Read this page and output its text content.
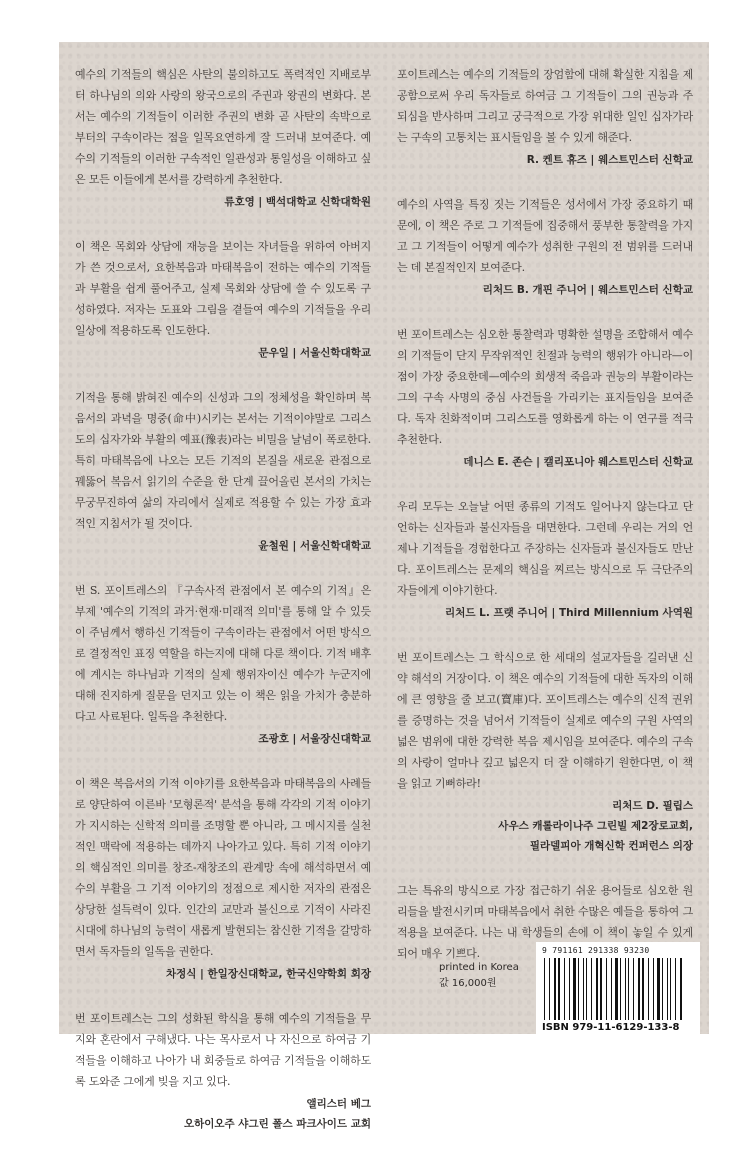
예수의 기적들의 핵심은 사탄의 불의하고도 폭력적인 지배로부터 하나님의 의와 사랑의 왕국으로의 주권과 왕권의 변화다. 본서는 예수의 기적들이 이러한 주권의 변화 곧 사탄의 속박으로부터의 구속이라는 점을 일목요연하게 잘 드러내 보여준다. 예수의 기적들의 이러한 구속적인 일관성과 통일성을 이해하고 싶은 모든 이들에게 본서를 강력하게 추천한다.

류호영 | 백석대학교 신학대학원

이 책은 목회와 상담에 재능을 보이는 자녀들을 위하여 아버지가 쓴 것으로서, 요한복음과 마태복음이 전하는 예수의 기적들과 부활을 쉽게 풀어주고, 실제 목회와 상담에 쓸 수 있도록 구성하였다. 저자는 도표와 그림을 곁들여 예수의 기적들을 우리 일상에 적용하도록 인도한다.

문우일 | 서울신학대학교

기적을 통해 밝혀진 예수의 신성과 그의 정체성을 확인하며 복음서의 과녁을 명중(命中)시키는 본서는 기적이야말로 그리스도의 십자가와 부활의 예표(豫表)라는 비밀을 날넘이 폭로한다. 특히 마태복음에 나오는 모든 기적의 본질을 새로운 관점으로 꿰뚫어 복음서 읽기의 수준을 한 단계 끌어올린 본서의 가치는 무궁무진하여 삶의 자리에서 실제로 적용할 수 있는 가장 효과적인 지침서가 될 것이다.

윤철원 | 서울신학대학교

번 S. 포이트레스의 『구속사적 관점에서 본 예수의 기적』은 부제 '예수의 기적의 과거·현재·미래적 의미'를 통해 알 수 있듯이 주님께서 행하신 기적들이 구속이라는 관점에서 어떤 방식으로 결정적인 표징 역할을 하는지에 대해 다룬 책이다. 기적 배후에 계시는 하나님과 기적의 실제 행위자이신 예수가 누군지에 대해 진지하게 질문을 던지고 있는 이 책은 읽을 가치가 충분하다고 사료된다. 일독을 추천한다.

조광호 | 서울장신대학교

이 책은 복음서의 기적 이야기를 요한복음과 마태복음의 사례들로 양단하여 이른바 '모형론적' 분석을 통해 각각의 기적 이야기가 지시하는 신학적 의미를 조명할 뿐 아니라, 그 메시지를 실천적인 맥락에 적용하는 데까지 나아가고 있다. 특히 기적 이야기의 핵심적인 의미를 창조-재창조의 관계망 속에 해석하면서 예수의 부활을 그 기적 이야기의 정점으로 제시한 저자의 관점은 상당한 설득력이 있다. 인간의 교만과 불신으로 기적이 사라진 시대에 하나님의 능력이 새롭게 발현되는 참신한 기적을 갈망하면서 독자들의 일독을 권한다.

차정식 | 한일장신대학교, 한국신약학회 회장

번 포이트레스는 그의 성화된 학식을 통해 예수의 기적들을 무지와 혼란에서 구해냈다. 나는 목사로서 나 자신으로 하여금 기적들을 이해하고 나아가 내 회중들로 하여금 기적들을 이해하도록 도와준 그에게 빚을 지고 있다.

앨리스터 베그
오하이오주 샤그린 폴스 파크사이드 교회

포이트레스는 예수의 기적들의 장엄함에 대해 확실한 지침을 제공함으로써 우리 독자들로 하여금 그 기적들이 그의 권능과 주되심을 반사하며 그리고 궁극적으로 가장 위대한 일인 십자가라는 구속의 고통치는 표시들임을 볼 수 있게 해준다.

R. 켄트 휴즈 | 웨스트민스터 신학교

예수의 사역을 특징 짓는 기적들은 성서에서 가장 중요하기 때문에, 이 책은 주로 그 기적들에 집중해서 풍부한 통찰력을 가지고 그 기적들이 어떻게 예수가 성취한 구원의 전 범위를 드러내는 데 본질적인지 보여준다.

리처드 B. 개핀 주니어 | 웨스트민스터 신학교

번 포이트레스는 심오한 통찰력과 명확한 설명을 조합해서 예수의 기적들이 단지 무작위적인 친절과 능력의 행위가 아니라—이 점이 가장 중요한데—예수의 희생적 죽음과 권능의 부활이라는 그의 구속 사명의 중심 사건들을 가리키는 표지들임을 보여준다. 독자 친화적이며 그리스도를 영화롭게 하는 이 연구를 적극 추천한다.

데니스 E. 존슨 | 캘리포니아 웨스트민스터 신학교

우리 모두는 오늘날 어떤 종류의 기적도 일어나지 않는다고 단언하는 신자들과 불신자들을 대면한다. 그런데 우리는 거의 언제나 기적들을 경험한다고 주장하는 신자들과 불신자들도 만난다. 포이트레스는 문제의 핵심을 찌르는 방식으로 두 극단주의자들에게 이야기한다.

리처드 L. 프랫 주니어 | Third Millennium 사역원

번 포이트레스는 그 학식으로 한 세대의 설교자들을 길러낸 신약 해석의 거장이다. 이 책은 예수의 기적들에 대한 독자의 이해에 큰 영향을 줄 보고(寶庫)다. 포이트레스는 예수의 신적 권위를 증명하는 것을 넘어서 기적들이 실제로 예수의 구원 사역의 넓은 범위에 대한 강력한 복음 제시임을 보여준다. 예수의 구속의 사랑이 얼마나 깊고 넓은지 더 잘 이해하기 원한다면, 이 책을 읽고 기뻐하라!

리처드 D. 필립스
사우스 캐롤라이나주 그린빌 제2장로교회,
필라델피아 개혁신학 컨퍼런스 의장

그는 특유의 방식으로 가장 접근하기 쉬운 용어들로 심오한 원리들을 발전시키며 마태복음에서 취한 수많은 예들을 통하여 그 적용을 보여준다. 나는 내 학생들의 손에 이 책이 놓일 수 있게 되어 매우 기쁘다.

printed in Korea
값 16,000원
9 791161 291338 93230
ISBN 979-11-6129-133-8
